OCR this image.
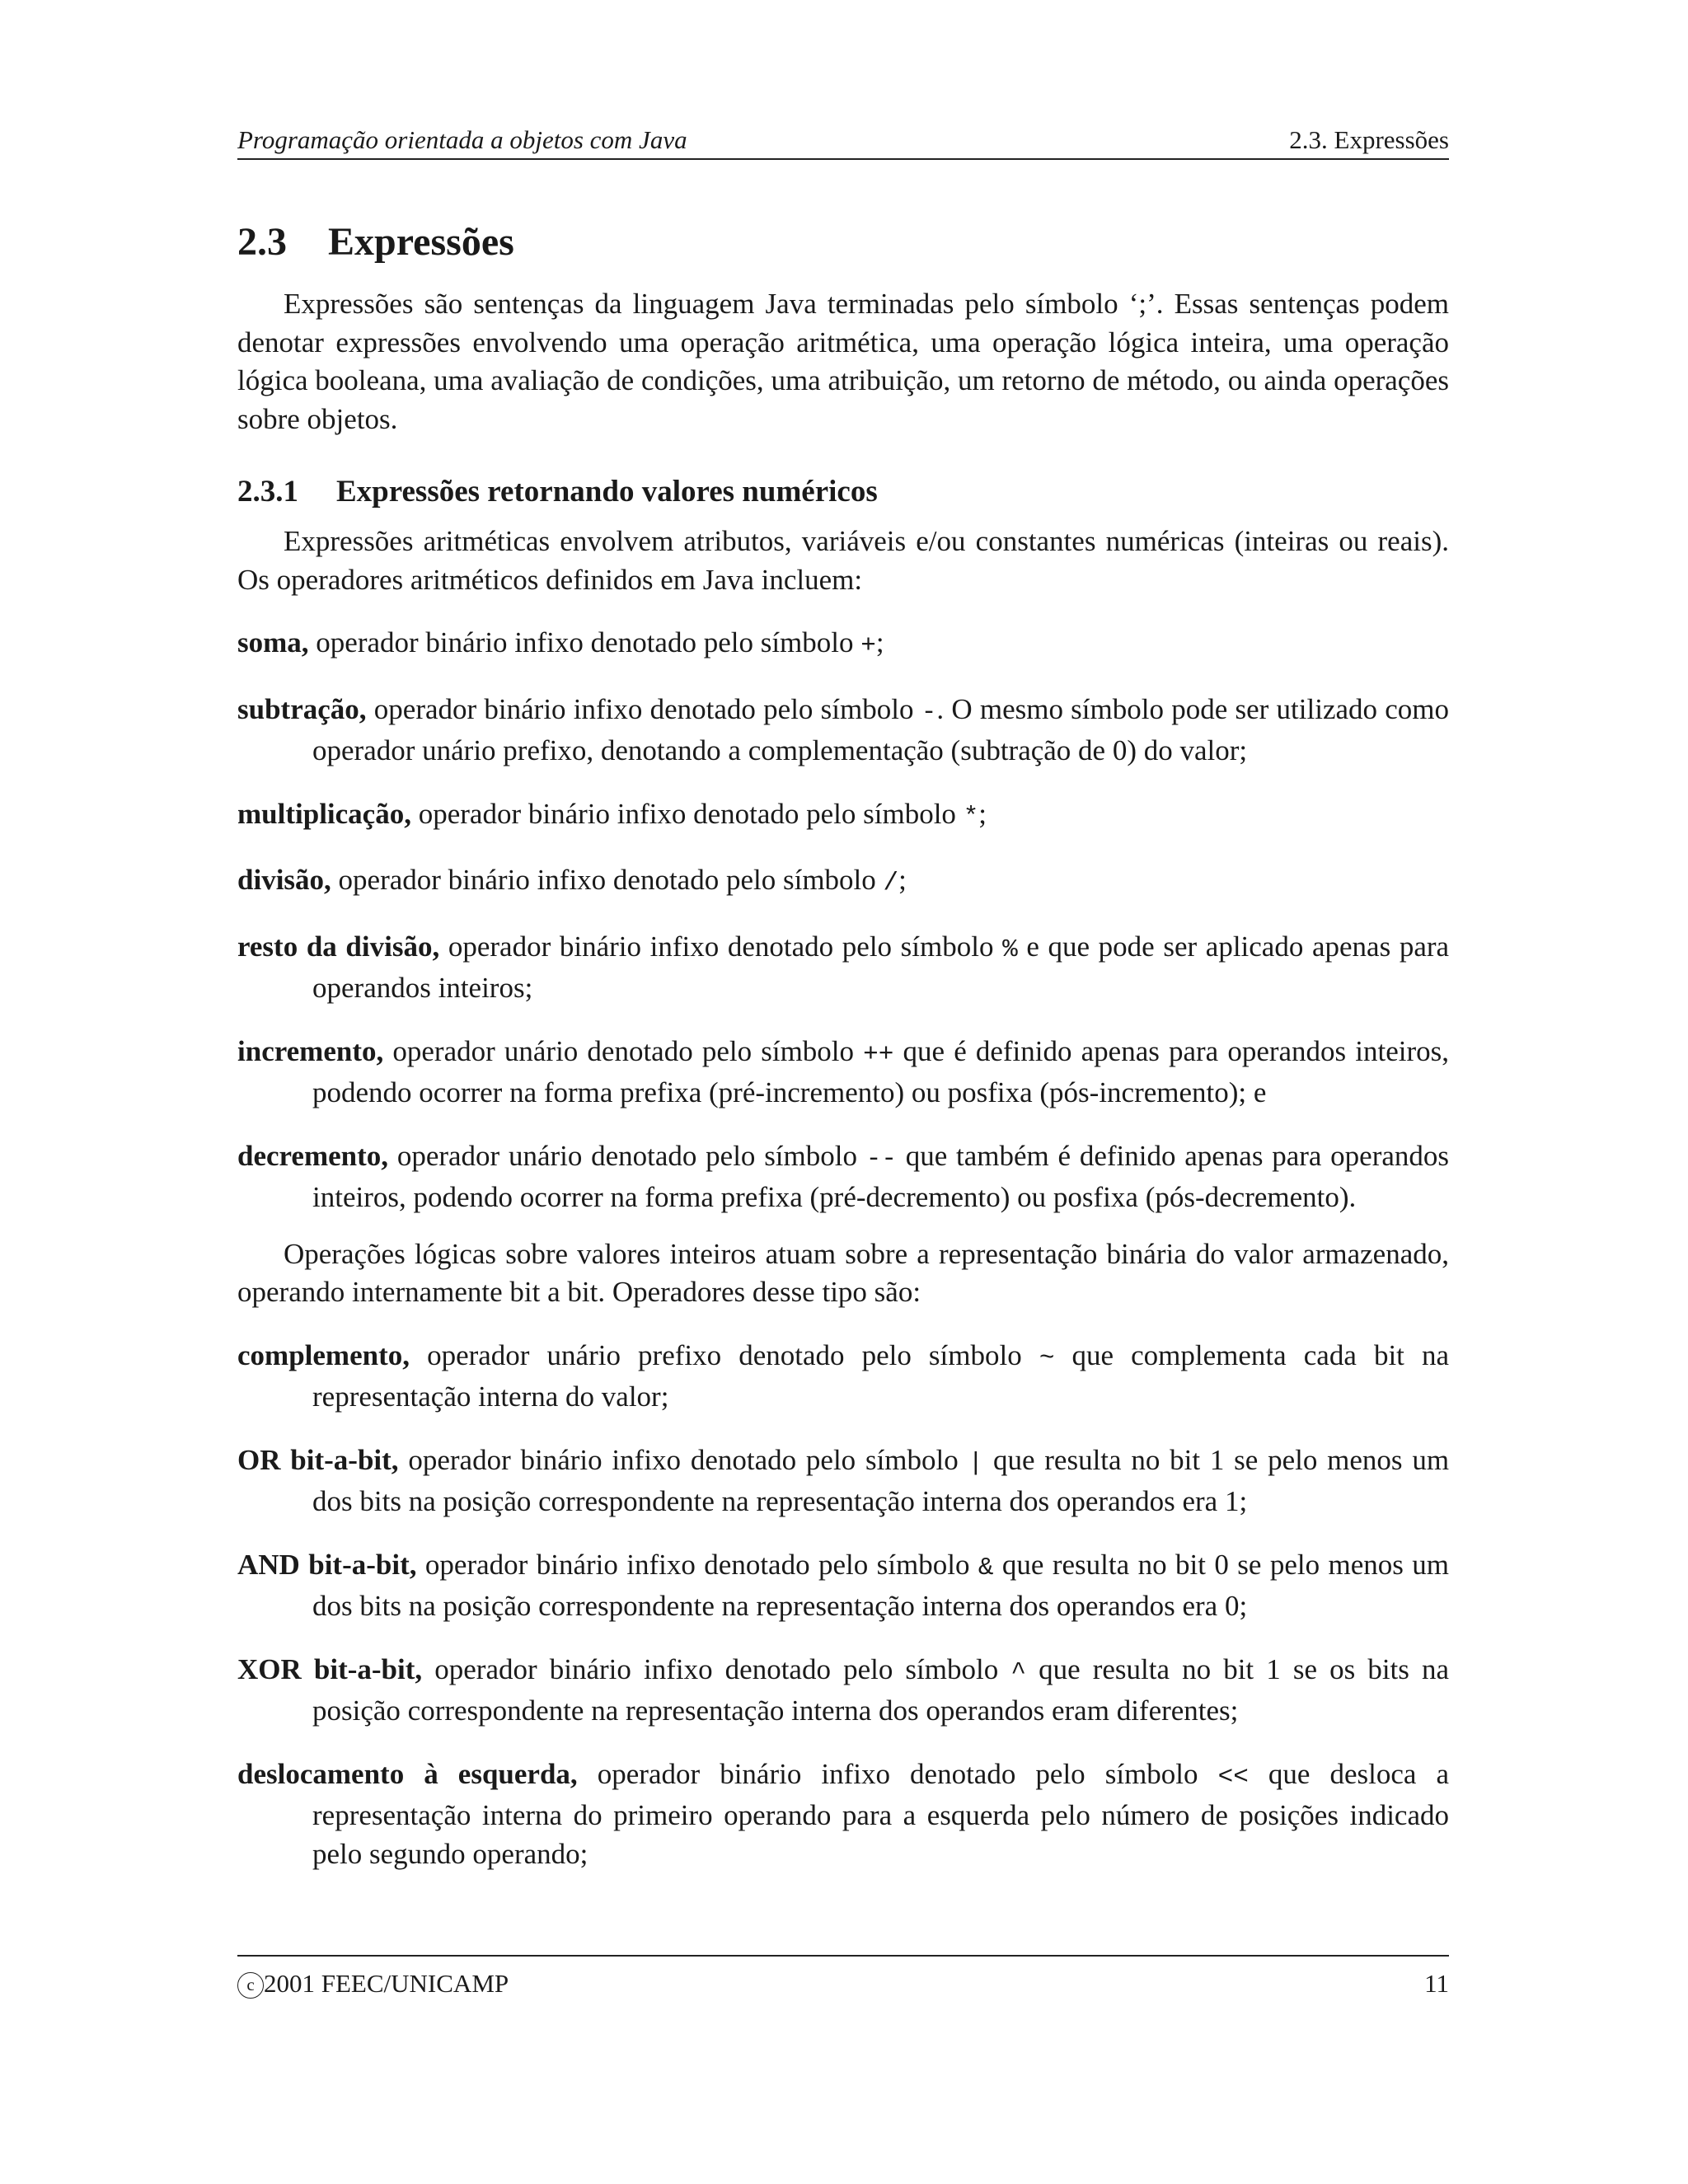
Programação orientada a objetos com Java	2.3. Expressões
2.3 Expressões

Expressões são sentenças da linguagem Java terminadas pelo símbolo ‘;’. Essas sentenças podem denotar expressões envolvendo uma operação aritmética, uma operação lógica inteira, uma operação lógica booleana, uma avaliação de condições, uma atribuição, um retorno de método, ou ainda operações sobre objetos.

2.3.1 Expressões retornando valores numéricos

Expressões aritméticas envolvem atributos, variáveis e/ou constantes numéricas (inteiras ou reais). Os operadores aritméticos definidos em Java incluem:

soma, operador binário infixo denotado pelo símbolo +;
subtração, operador binário infixo denotado pelo símbolo -. O mesmo símbolo pode ser utilizado como operador unário prefixo, denotando a complementação (subtração de 0) do valor;
multiplicação, operador binário infixo denotado pelo símbolo *;
divisão, operador binário infixo denotado pelo símbolo /;
resto da divisão, operador binário infixo denotado pelo símbolo % e que pode ser aplicado apenas para operandos inteiros;
incremento, operador unário denotado pelo símbolo ++ que é definido apenas para operandos inteiros, podendo ocorrer na forma prefixa (pré-incremento) ou posfixa (pós-incremento); e
decremento, operador unário denotado pelo símbolo -- que também é definido apenas para operandos inteiros, podendo ocorrer na forma prefixa (pré-decremento) ou posfixa (pós-decremento).

Operações lógicas sobre valores inteiros atuam sobre a representação binária do valor armazenado, operando internamente bit a bit. Operadores desse tipo são:

complemento, operador unário prefixo denotado pelo símbolo ~ que complementa cada bit na representação interna do valor;
OR bit-a-bit, operador binário infixo denotado pelo símbolo | que resulta no bit 1 se pelo menos um dos bits na posição correspondente na representação interna dos operandos era 1;
AND bit-a-bit, operador binário infixo denotado pelo símbolo & que resulta no bit 0 se pelo menos um dos bits na posição correspondente na representação interna dos operandos era 0;
XOR bit-a-bit, operador binário infixo denotado pelo símbolo ^ que resulta no bit 1 se os bits na posição correspondente na representação interna dos operandos eram diferentes;
deslocamento à esquerda, operador binário infixo denotado pelo símbolo << que desloca a representação interna do primeiro operando para a esquerda pelo número de posições indicado pelo segundo operando;
c 2001 FEEC/UNICAMP	11
